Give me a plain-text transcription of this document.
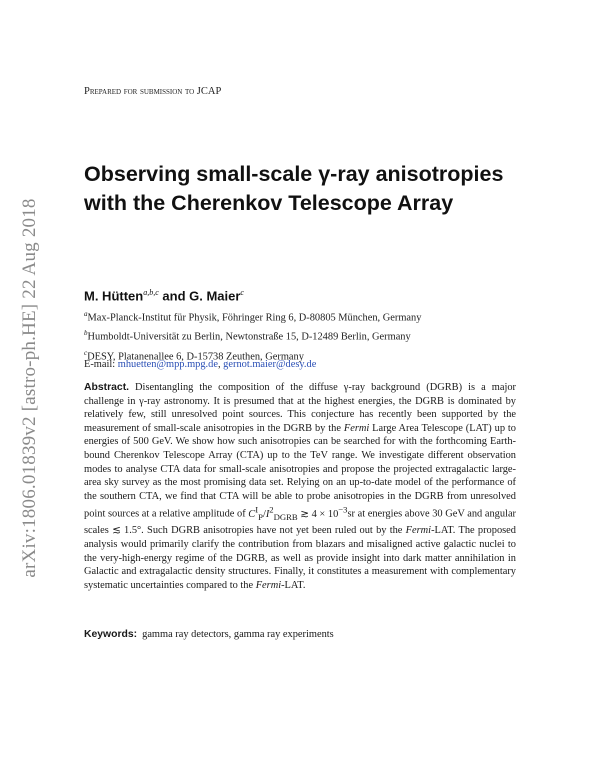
arXiv:1806.01839v2 [astro-ph.HE] 22 Aug 2018
Prepared for submission to JCAP
Observing small-scale γ-ray anisotropies with the Cherenkov Telescope Array
M. Hütten$^{a,b,c}$ and G. Maier$^c$
$^a$Max-Planck-Institut für Physik, Föhringer Ring 6, D-80805 München, Germany
$^b$Humboldt-Universität zu Berlin, Newtonstraße 15, D-12489 Berlin, Germany
$^c$DESY, Platanenallee 6, D-15738 Zeuthen, Germany
E-mail: mhuetten@mpp.mpg.de, gernot.maier@desy.de

Abstract. Disentangling the composition of the diffuse γ-ray background (DGRB) is a major challenge in γ-ray astronomy. It is presumed that at the highest energies, the DGRB is dominated by relatively few, still unresolved point sources. This conjecture has recently been supported by the measurement of small-scale anisotropies in the DGRB by the Fermi Large Area Telescope (LAT) up to energies of 500 GeV. We show how such anisotropies can be searched for with the forthcoming Earth-bound Cherenkov Telescope Array (CTA) up to the TeV range. We investigate different observation modes to analyse CTA data for small-scale anisotropies and propose the projected extragalactic large-area sky survey as the most promising data set. Relying on an up-to-date model of the performance of the southern CTA, we find that CTA will be able to probe anisotropies in the DGRB from unresolved point sources at a relative amplitude of $C^I_P/I^2_{DGRB}$ ≳ $4 \times 10^{-3}sr$ at energies above 30 GeV and angular scales ≲ 1.5°. Such DGRB anisotropies have not yet been ruled out by the Fermi-LAT. The proposed analysis would primarily clarify the contribution from blazars and misaligned active galactic nuclei to the very-high-energy regime of the DGRB, as well as provide insight into dark matter annihilation in Galactic and extragalactic density structures. Finally, it constitutes a measurement with complementary systematic uncertainties compared to the Fermi-LAT.

Keywords: gamma ray detectors, gamma ray experiments
